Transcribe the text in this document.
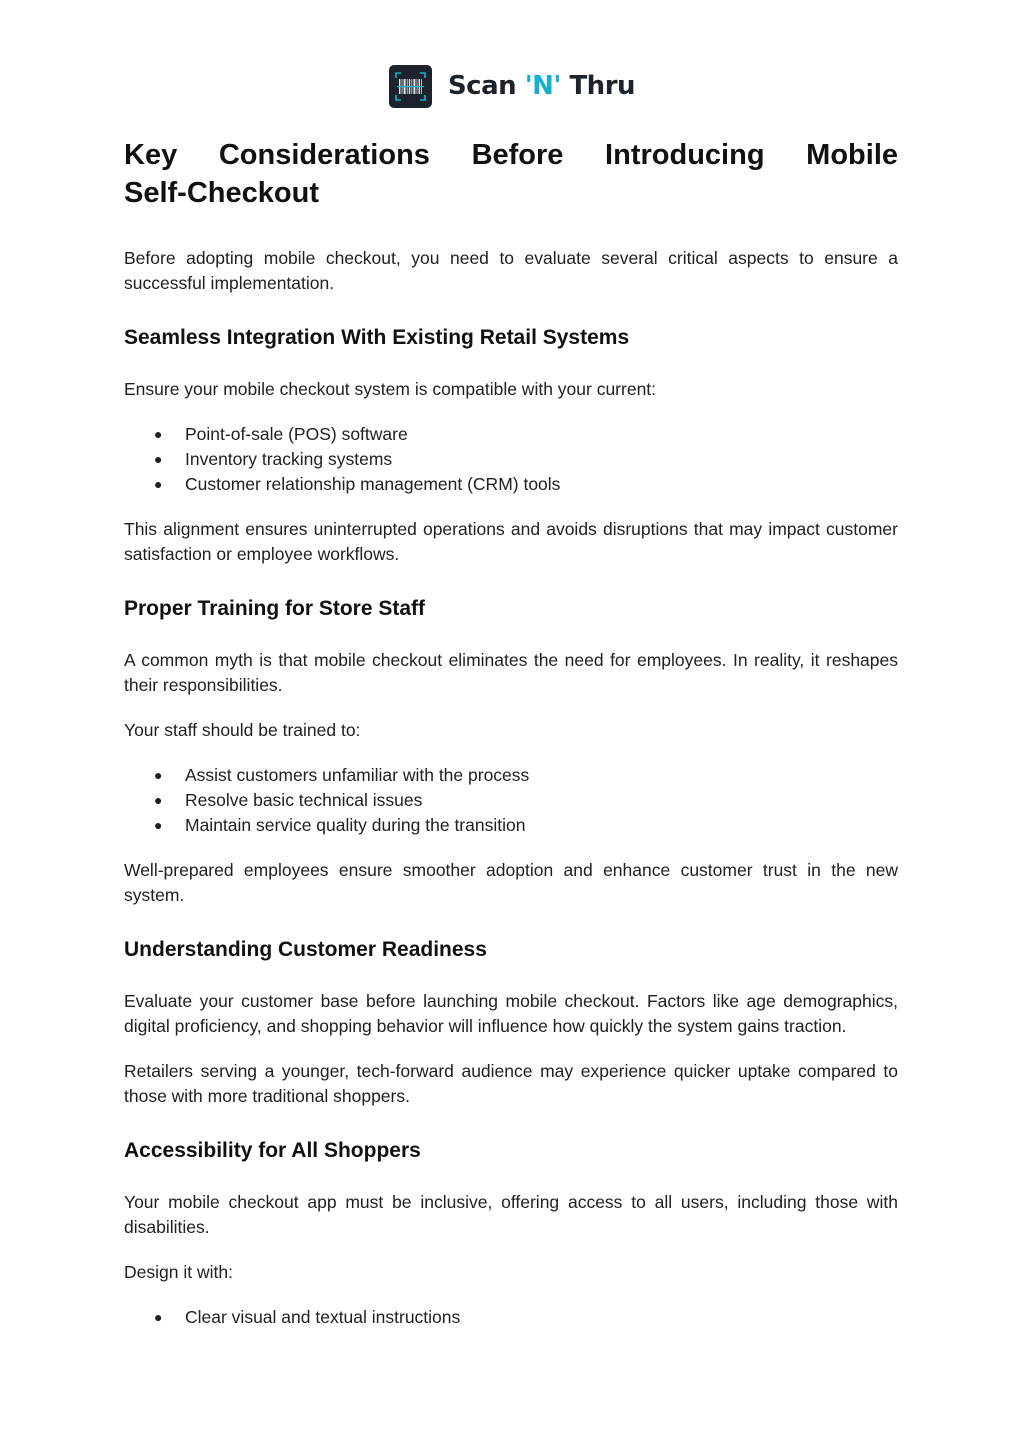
Scan 'N' Thru
Key Considerations Before Introducing Mobile
Self-Checkout

Before adopting mobile checkout, you need to evaluate several critical aspects to ensure a successful implementation.

Seamless Integration With Existing Retail Systems

Ensure your mobile checkout system is compatible with your current:

● Point-of-sale (POS) software
● Inventory tracking systems
● Customer relationship management (CRM) tools

This alignment ensures uninterrupted operations and avoids disruptions that may impact customer satisfaction or employee workflows.

Proper Training for Store Staff

A common myth is that mobile checkout eliminates the need for employees. In reality, it reshapes their responsibilities.

Your staff should be trained to:

● Assist customers unfamiliar with the process
● Resolve basic technical issues
● Maintain service quality during the transition

Well-prepared employees ensure smoother adoption and enhance customer trust in the new system.

Understanding Customer Readiness

Evaluate your customer base before launching mobile checkout. Factors like age demographics, digital proficiency, and shopping behavior will influence how quickly the system gains traction.

Retailers serving a younger, tech-forward audience may experience quicker uptake compared to those with more traditional shoppers.

Accessibility for All Shoppers

Your mobile checkout app must be inclusive, offering access to all users, including those with disabilities.

Design it with:

● Clear visual and textual instructions
